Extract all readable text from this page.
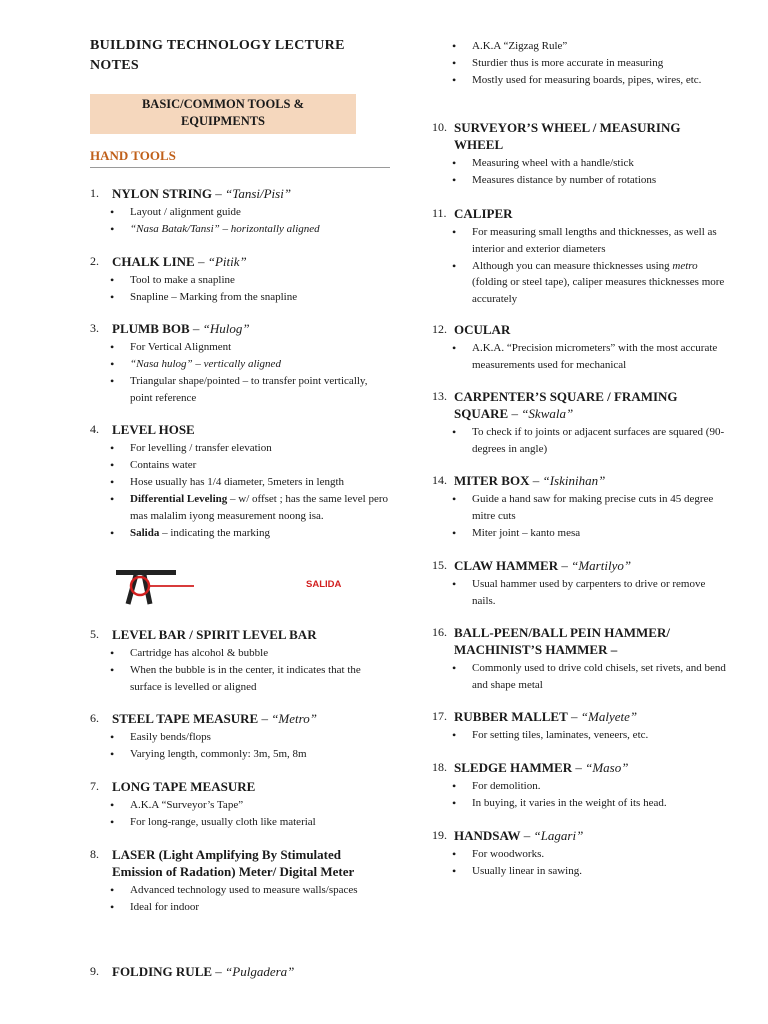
BUILDING TECHNOLOGY LECTURE
NOTES
BASIC/COMMON TOOLS &
EQUIPMENTS
HAND TOOLS
1. NYLON STRING – “Tansi/Pisi”
• Layout / alignment guide
• “Nasa Batak/Tansi” – horizontally aligned
2. CHALK LINE – “Pitik”
• Tool to make a snapline
• Snapline – Marking from the snapline
3. PLUMB BOB – “Hulog”
• For Vertical Alignment
• “Nasa hulog” – vertically aligned
• Triangular shape/pointed – to transfer point vertically, point reference
4. LEVEL HOSE
• For levelling / transfer elevation
• Contains water
• Hose usually has 1/4 diameter, 5meters in length
• Differential Leveling – w/ offset ; has the same level pero mas malalim iyong measurement noong isa.
• Salida – indicating the marking
5. LEVEL BAR / SPIRIT LEVEL BAR
• Cartridge has alcohol & bubble
• When the bubble is in the center, it indicates that the surface is levelled or aligned
6. STEEL TAPE MEASURE – “Metro”
• Easily bends/flops
• Varying length, commonly: 3m, 5m, 8m
7. LONG TAPE MEASURE
• A.K.A “Surveyor’s Tape”
• For long-range, usually cloth like material
8. LASER (Light Amplifying By Stimulated Emission of Radation) Meter/ Digital Meter
• Advanced technology used to measure walls/spaces
• Ideal for indoor
9. FOLDING RULE – “Pulgadera”
SALIDA
• A.K.A “Zigzag Rule”
• Sturdier thus is more accurate in measuring
• Mostly used for measuring boards, pipes, wires, etc.
10. SURVEYOR’S WHEEL / MEASURING WHEEL
• Measuring wheel with a handle/stick
• Measures distance by number of rotations
11. CALIPER
• For measuring small lengths and thicknesses, as well as interior and exterior diameters
• Although you can measure thicknesses using metro (folding or steel tape), caliper measures thicknesses more accurately
12. OCULAR
• A.K.A. “Precision micrometers” with the most accurate measurements used for mechanical
13. CARPENTER’S SQUARE / FRAMING SQUARE – “Skwala”
• To check if to joints or adjacent surfaces are squared (90-degrees in angle)
14. MITER BOX – “Iskinihan”
• Guide a hand saw for making precise cuts in 45 degree mitre cuts
• Miter joint – kanto mesa
15. CLAW HAMMER – “Martilyo”
• Usual hammer used by carpenters to drive or remove nails.
16. BALL-PEEN/BALL PEIN HAMMER/ MACHINIST’S HAMMER –
• Commonly used to drive cold chisels, set rivets, and bend and shape metal
17. RUBBER MALLET – “Malyete”
• For setting tiles, laminates, veneers, etc.
18. SLEDGE HAMMER – “Maso”
• For demolition.
• In buying, it varies in the weight of its head.
19. HANDSAW – “Lagari”
• For woodworks.
• Usually linear in sawing.
